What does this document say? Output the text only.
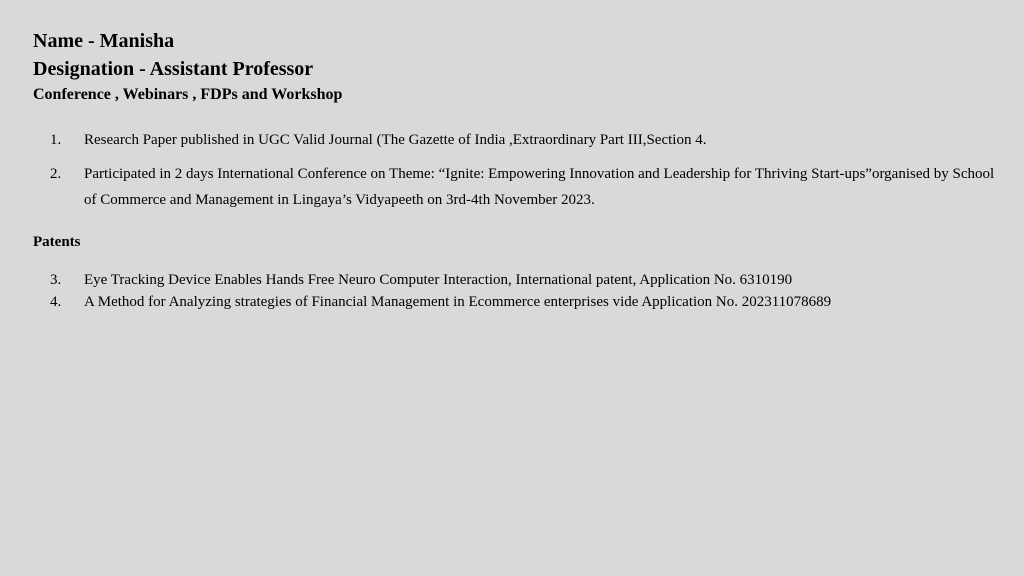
Name - Manisha
Designation - Assistant Professor
Conference , Webinars , FDPs and Workshop
1. Research Paper published in UGC Valid Journal (The Gazette of India ,Extraordinary Part III,Section 4.
2. Participated in 2 days International Conference on Theme: “Ignite: Empowering Innovation and Leadership for Thriving Start-ups”organised by School of Commerce and Management in Lingaya’s Vidyapeeth on 3rd-4th November 2023.
Patents
3. Eye Tracking Device Enables Hands Free Neuro Computer Interaction, International patent, Application No. 6310190
4. A Method for Analyzing strategies of Financial Management in Ecommerce enterprises vide Application No. 202311078689
